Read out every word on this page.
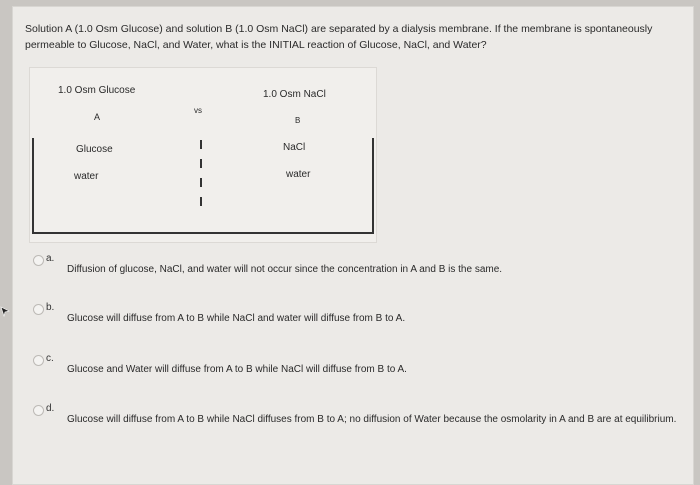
Solution A (1.0 Osm Glucose) and solution B (1.0 Osm NaCl) are separated by a dialysis membrane. If the membrane is spontaneously permeable to Glucose, NaCl, and Water, what is the INITIAL reaction of Glucose, NaCl, and Water?
1.0 Osm Glucose
A
vs
1.0 Osm NaCl
B
Glucose
water
NaCl
water
a.
Diffusion of glucose, NaCl, and water will not occur since the concentration in A and B is the same.
b.
Glucose will diffuse from A to B while NaCl and water will diffuse from B to A.
c.
Glucose and Water will diffuse from A to B while NaCl will diffuse from B to A.
d.
Glucose will diffuse from A to B while NaCl diffuses from B to A; no diffusion of Water because the osmolarity in A and B are at equilibrium.
